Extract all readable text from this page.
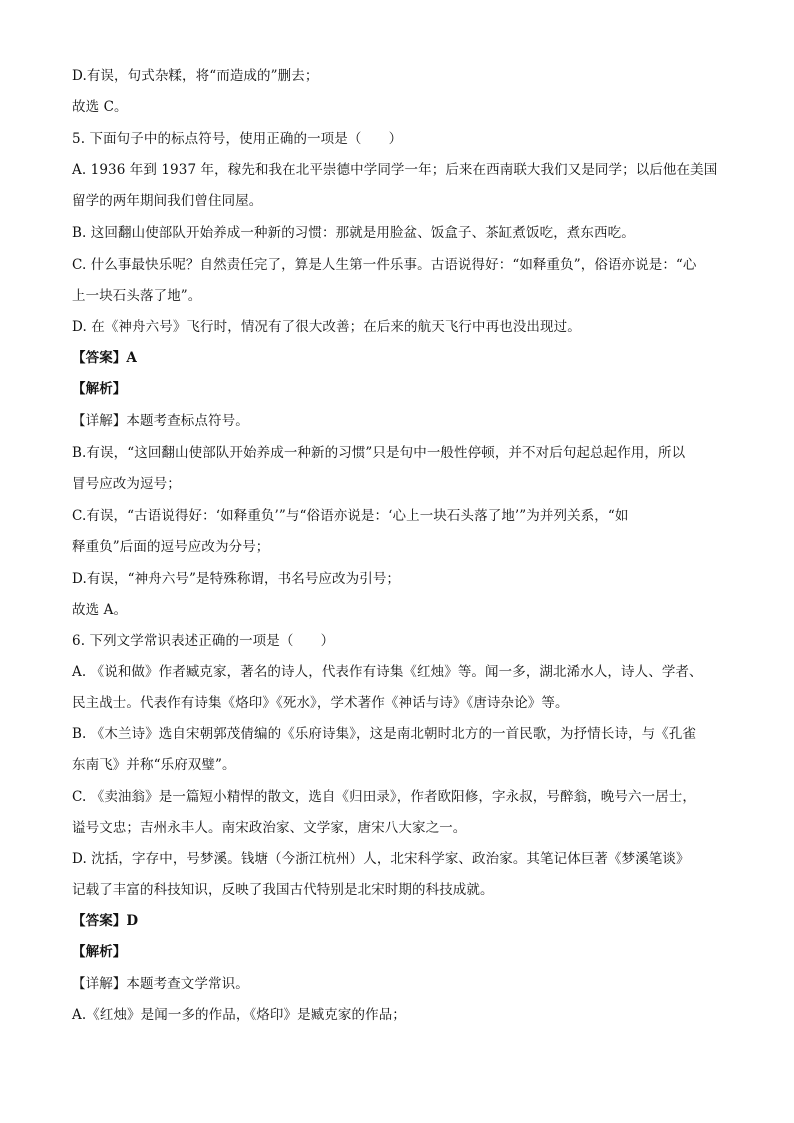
D.有误，句式杂糅，将“而造成的”删去；
故选 C。
5. 下面句子中的标点符号，使用正确的一项是（　　）
A. 1936 年到 1937 年，稼先和我在北平崇德中学同学一年；后来在西南联大我们又是同学；以后他在美国
留学的两年期间我们曾住同屋。
B. 这回翻山使部队开始养成一种新的习惯：那就是用脸盆、饭盒子、茶缸煮饭吃，煮东西吃。
C. 什么事最快乐呢？自然责任完了，算是人生第一件乐事。古语说得好：“如释重负”，俗语亦说是：“心
上一块石头落了地”。
D. 在《神舟六号》飞行时，情况有了很大改善；在后来的航天飞行中再也没出现过。
【答案】A
【解析】
【详解】本题考查标点符号。
B.有误，“这回翻山使部队开始养成一种新的习惯”只是句中一般性停顿，并不对后句起总起作用，所以
冒号应改为逗号；
C.有误，“古语说得好：‘如释重负’”与“俗语亦说是：‘心上一块石头落了地’”为并列关系，“如
释重负”后面的逗号应改为分号；
D.有误，“神舟六号”是特殊称谓，书名号应改为引号；
故选 A。
6. 下列文学常识表述正确的一项是（　　）
A. 《说和做》作者臧克家，著名的诗人，代表作有诗集《红烛》等。闻一多，湖北浠水人，诗人、学者、
民主战士。代表作有诗集《烙印》《死水》，学术著作《神话与诗》《唐诗杂论》等。
B. 《木兰诗》选自宋朝郭茂倩编的《乐府诗集》，这是南北朝时北方的一首民歌，为抒情长诗，与《孔雀
东南飞》并称“乐府双璧”。
C. 《卖油翁》是一篇短小精悍的散文，选自《归田录》，作者欧阳修，字永叔，号醉翁，晚号六一居士，
谥号文忠；吉州永丰人。南宋政治家、文学家，唐宋八大家之一。
D. 沈括，字存中，号梦溪。钱塘（今浙江杭州）人，北宋科学家、政治家。其笔记体巨著《梦溪笔谈》
记载了丰富的科技知识，反映了我国古代特别是北宋时期的科技成就。
【答案】D
【解析】
【详解】本题考查文学常识。
A.《红烛》是闻一多的作品，《烙印》是臧克家的作品；
